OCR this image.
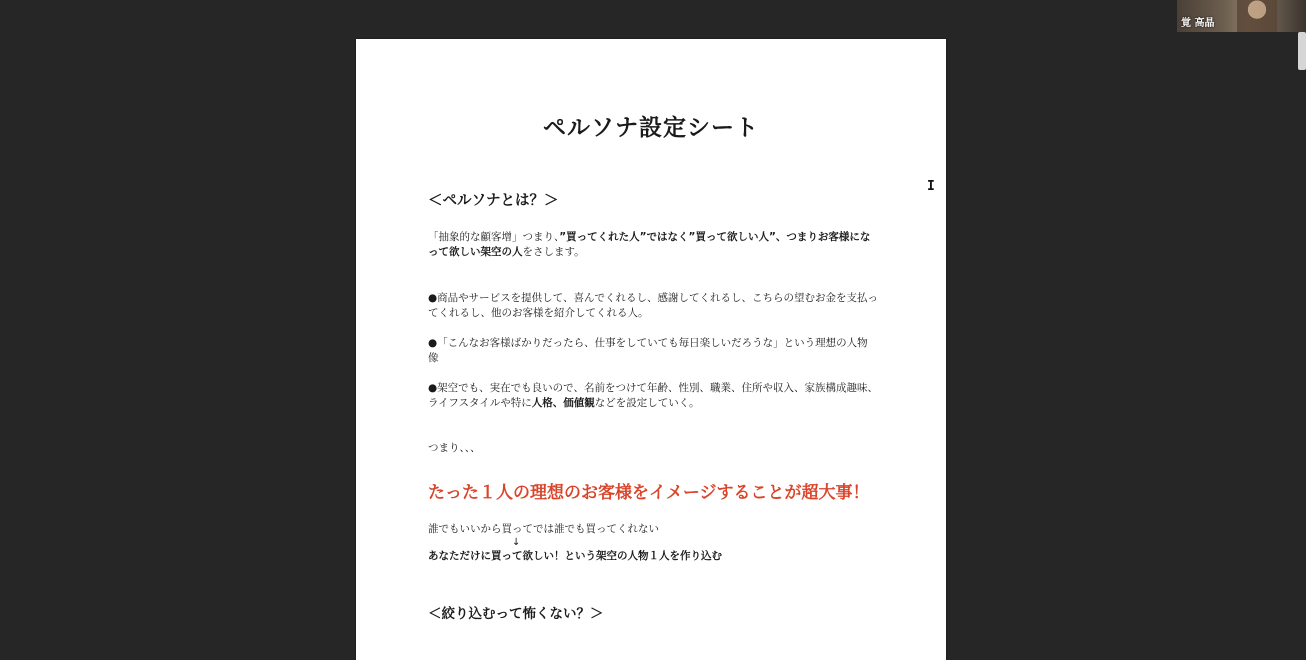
ペルソナ設定シート

＜ペルソナとは？＞

「抽象的な顧客增」つまり、”買ってくれた人”ではなく”買って欲しい人”、つまりお客様になって欲しい架空の人をさします。

●商品やサービスを提供して、喜んでくれるし、感謝してくれるし、こちらの望むお金を支払ってくれるし、他のお客様を紹介してくれる人。

●「こんなお客様ばかりだったら、仕事をしていても毎日楽しいだろうな」という理想の人物像

●架空でも、実在でも良いので、名前をつけて年齢、性別、職業、住所や収入、家族構成趣味、ライフスタイルや特に人格、価値観などを設定していく。

つまり、、、

たった１人の理想のお客様をイメージすることが超大事！

誰でもいいから買ってでは誰でも買ってくれない

↓

あなただけに買って欲しい！という架空の人物１人を作り込む

＜絞り込むって怖くない？＞

覚 高晶
I
